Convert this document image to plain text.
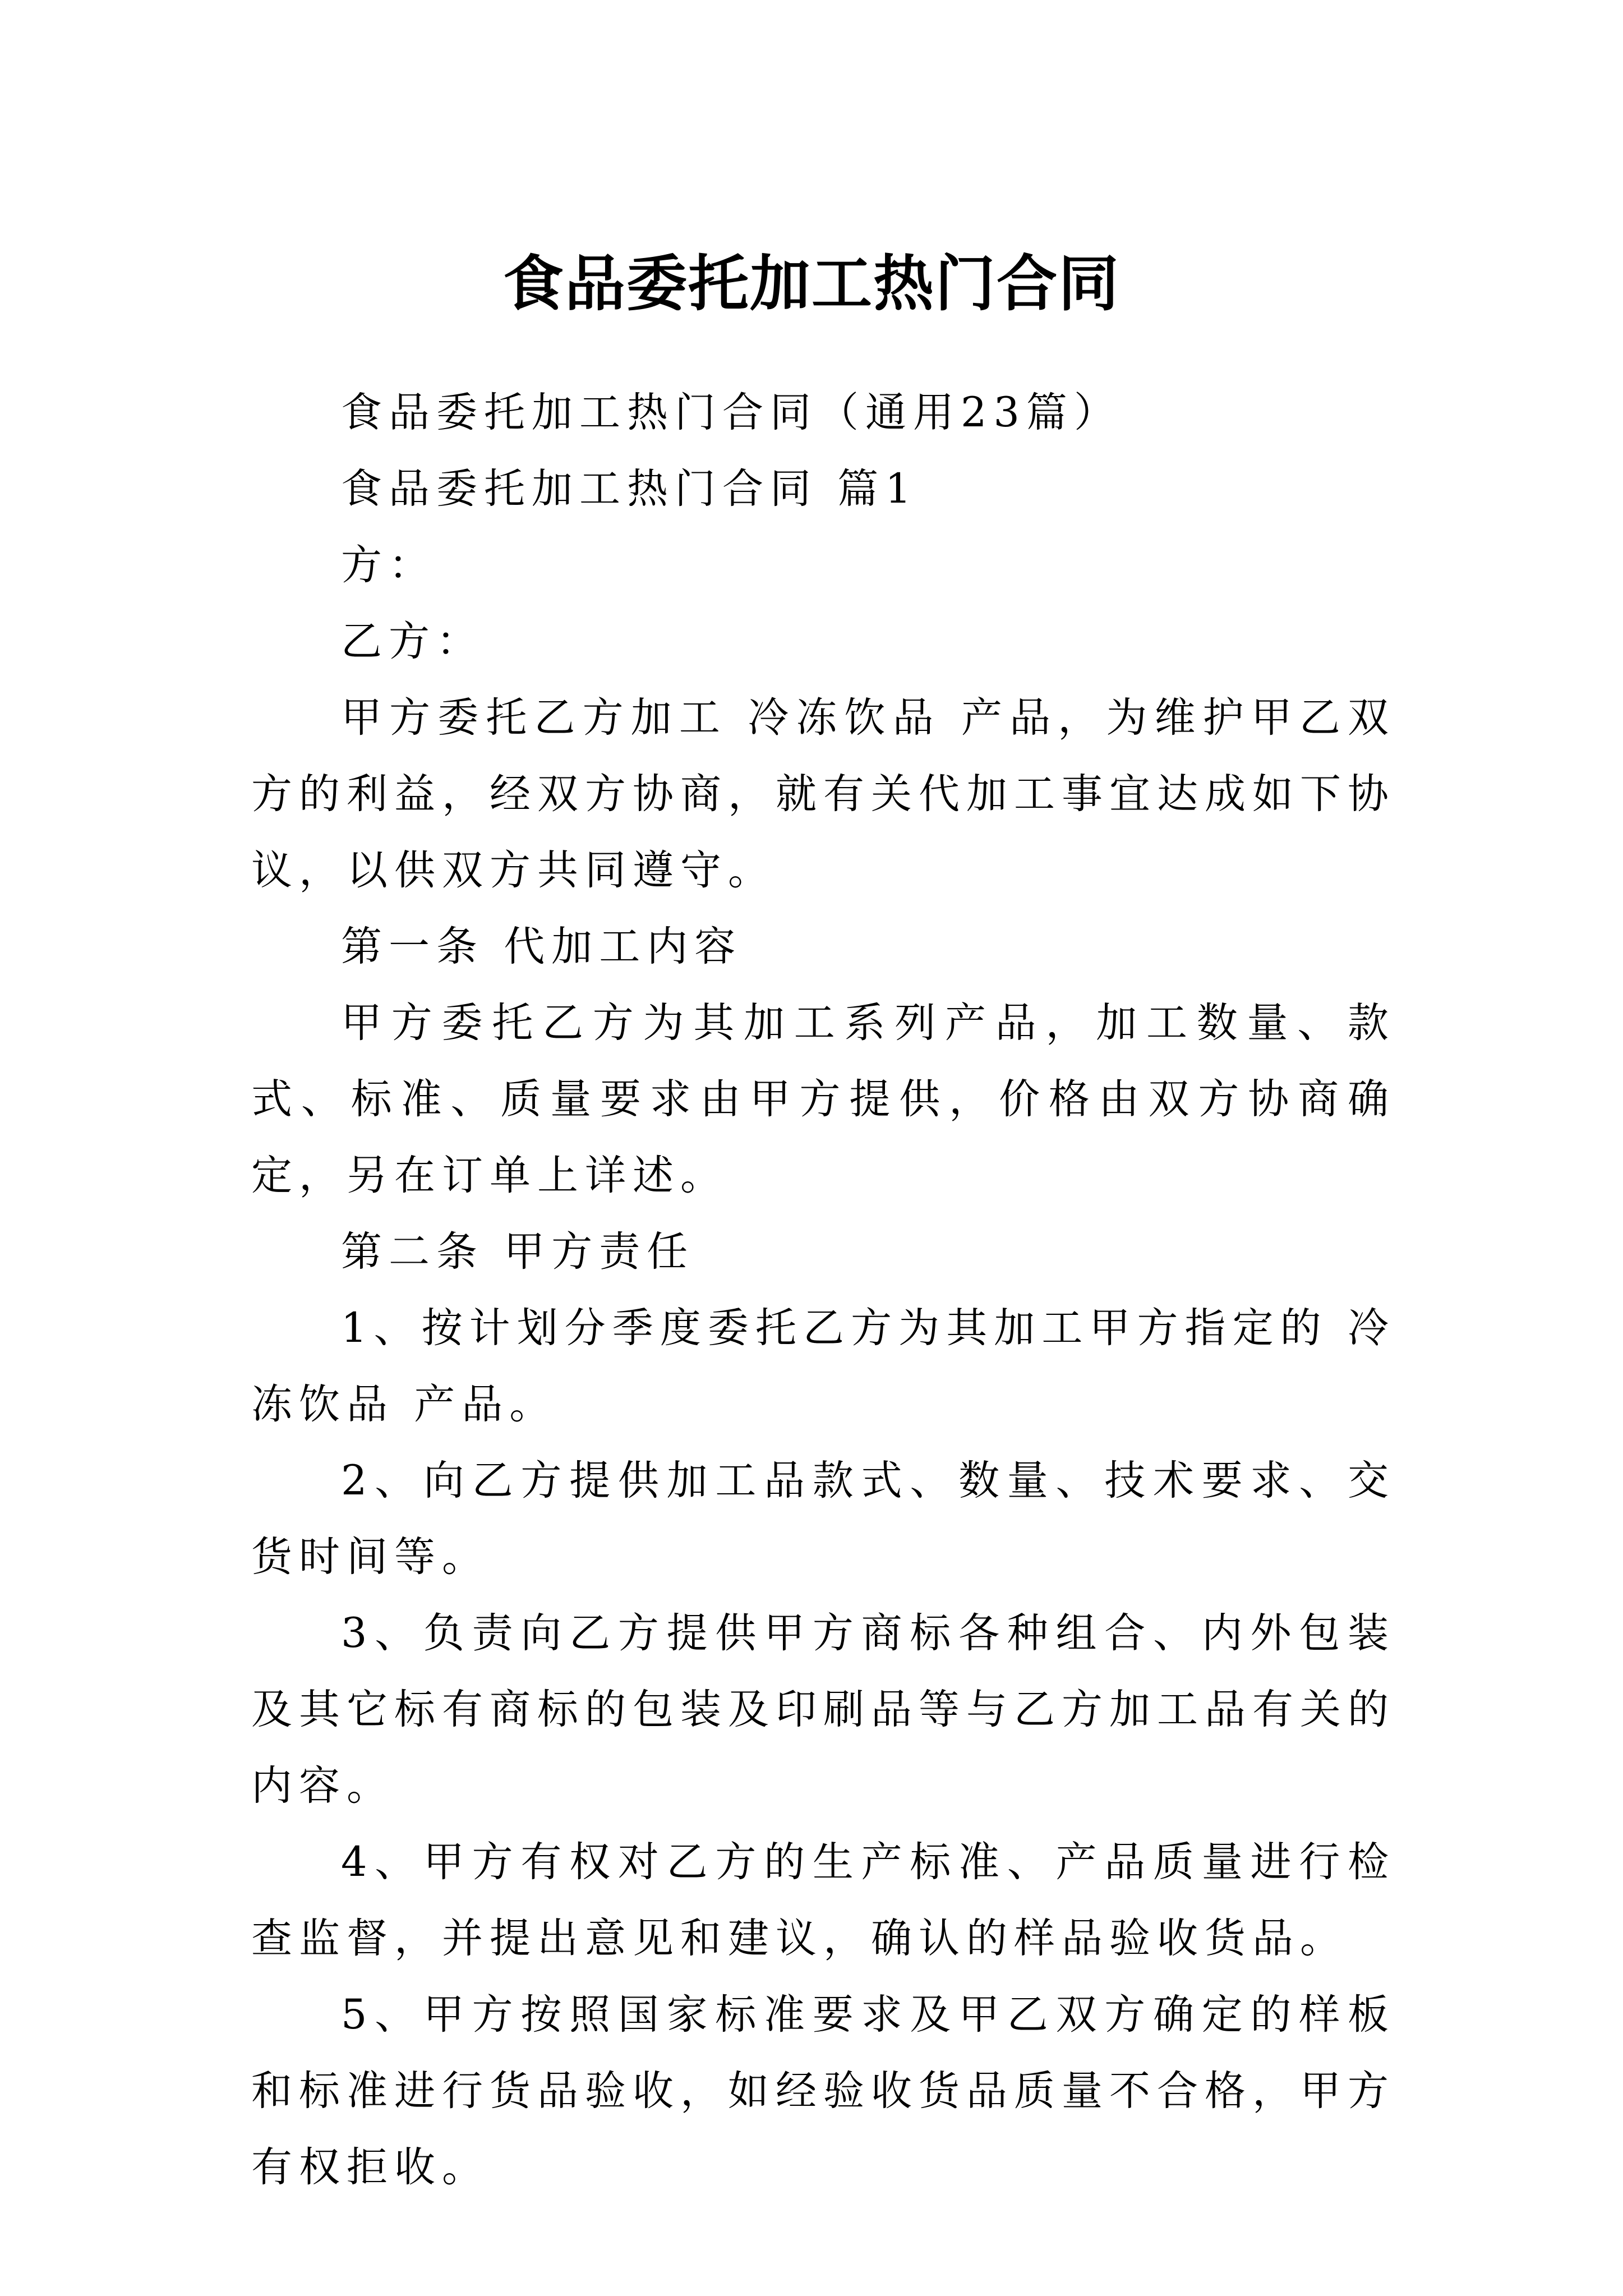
食品委托加工热门合同

食品委托加工热门合同（通用23篇）

食品委托加工热门合同 篇1

方：

乙方：

甲方委托乙方加工 冷冻饮品 产品，为维护甲乙双方的利益，经双方协商，就有关代加工事宜达成如下协议，以供双方共同遵守。

第一条 代加工内容

甲方委托乙方为其加工系列产品，加工数量、款式、标准、质量要求由甲方提供，价格由双方协商确定，另在订单上详述。

第二条 甲方责任

1、按计划分季度委托乙方为其加工甲方指定的 冷冻饮品 产品。

2、向乙方提供加工品款式、数量、技术要求、交货时间等。

3、负责向乙方提供甲方商标各种组合、内外包装及其它标有商标的包装及印刷品等与乙方加工品有关的内容。

4、甲方有权对乙方的生产标准、产品质量进行检查监督，并提出意见和建议，确认的样品验收货品。

5、甲方按照国家标准要求及甲乙双方确定的样板和标准进行货品验收，如经验收货品质量不合格，甲方有权拒收。
